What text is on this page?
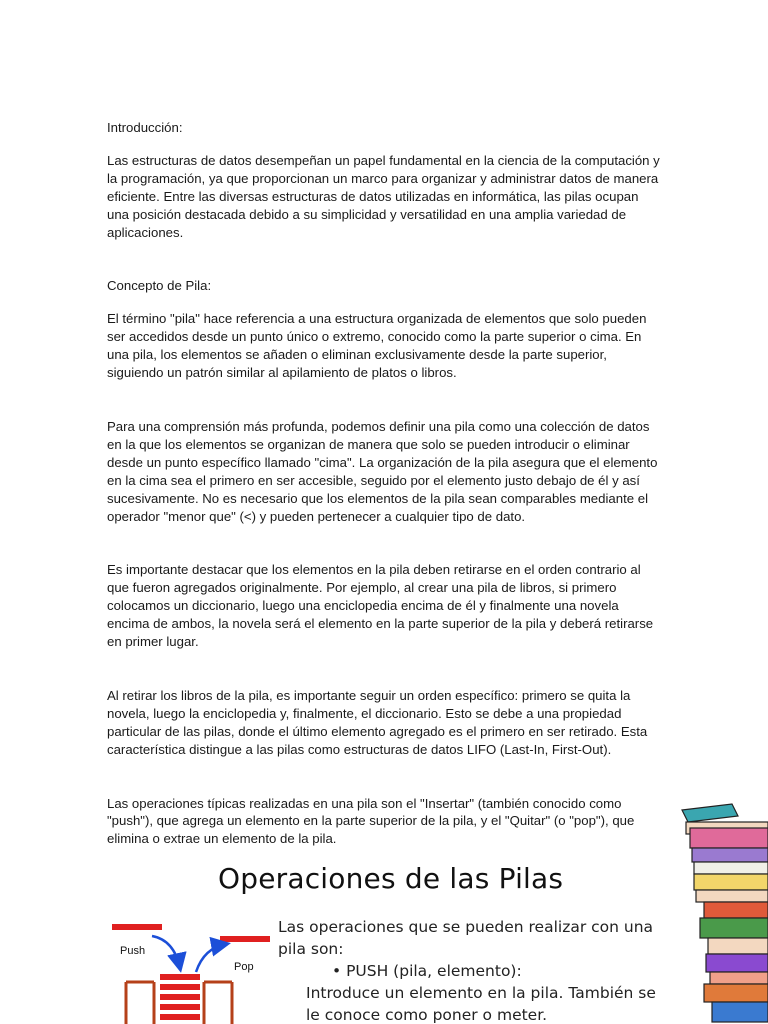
Introducción:

Las estructuras de datos desempeñan un papel fundamental en la ciencia de la computación y la programación, ya que proporcionan un marco para organizar y administrar datos de manera eficiente. Entre las diversas estructuras de datos utilizadas en informática, las pilas ocupan una posición destacada debido a su simplicidad y versatilidad en una amplia variedad de aplicaciones.

Concepto de Pila:

El término "pila" hace referencia a una estructura organizada de elementos que solo pueden ser accedidos desde un punto único o extremo, conocido como la parte superior o cima. En una pila, los elementos se añaden o eliminan exclusivamente desde la parte superior, siguiendo un patrón similar al apilamiento de platos o libros.

Para una comprensión más profunda, podemos definir una pila como una colección de datos en la que los elementos se organizan de manera que solo se pueden introducir o eliminar desde un punto específico llamado "cima". La organización de la pila asegura que el elemento en la cima sea el primero en ser accesible, seguido por el elemento justo debajo de él y así sucesivamente. No es necesario que los elementos de la pila sean comparables mediante el operador "menor que" (<) y pueden pertenecer a cualquier tipo de dato.

Es importante destacar que los elementos en la pila deben retirarse en el orden contrario al que fueron agregados originalmente. Por ejemplo, al crear una pila de libros, si primero colocamos un diccionario, luego una enciclopedia encima de él y finalmente una novela encima de ambos, la novela será el elemento en la parte superior de la pila y deberá retirarse en primer lugar.

Al retirar los libros de la pila, es importante seguir un orden específico: primero se quita la novela, luego la enciclopedia y, finalmente, el diccionario. Esto se debe a una propiedad particular de las pilas, donde el último elemento agregado es el primero en ser retirado. Esta característica distingue a las pilas como estructuras de datos LIFO (Last-In, First-Out).

Las operaciones típicas realizadas en una pila son el "Insertar" (también conocido como "push"), que agrega un elemento en la parte superior de la pila, y el "Quitar" (o "pop"), que elimina o extrae un elemento de la pila.

Operaciones de las Pilas
Push
Pop
Las operaciones que se pueden realizar con una pila son:
• PUSH (pila, elemento):
Introduce un elemento en la pila. También se le conoce como poner o meter.
